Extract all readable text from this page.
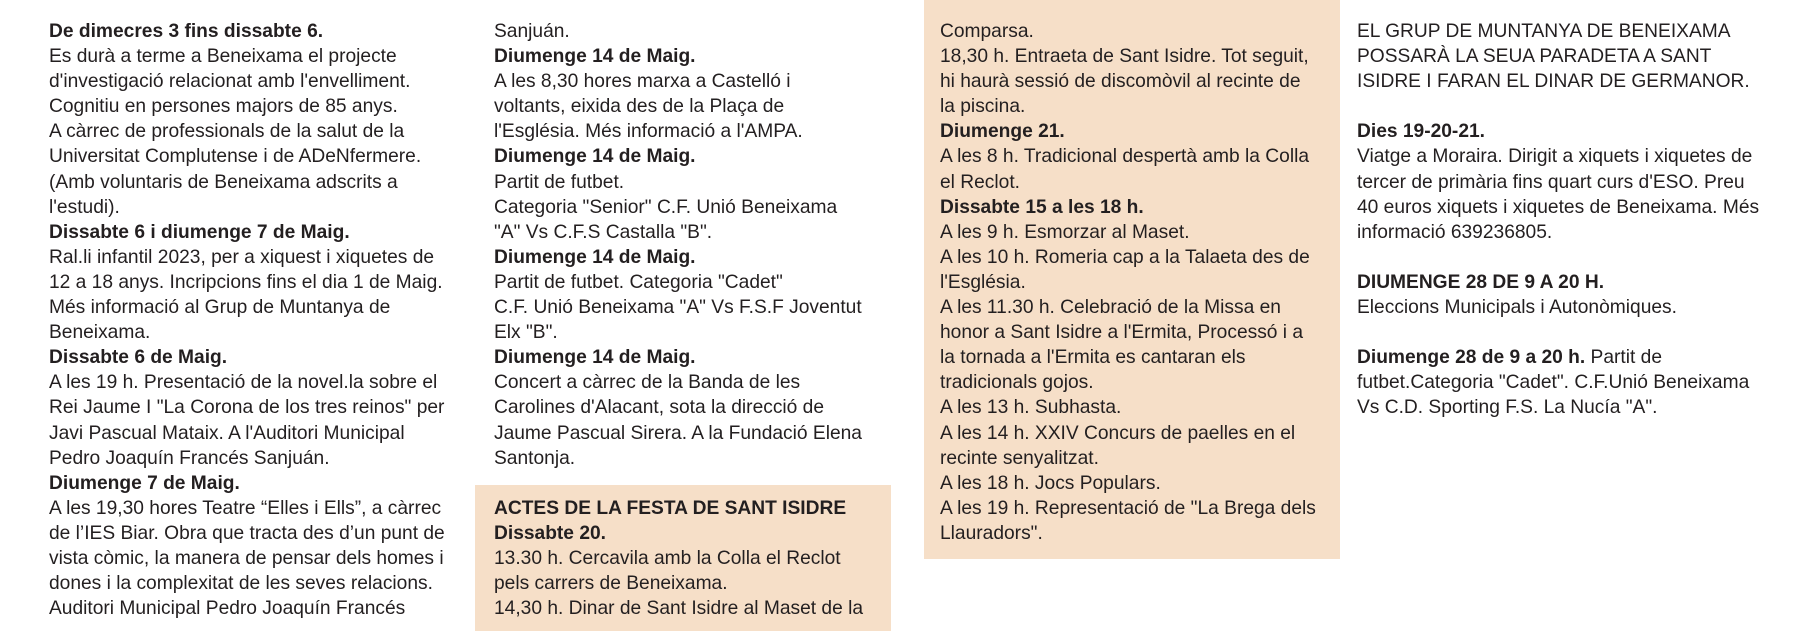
De dimecres 3 fins dissabte 6.

Es durà a terme a Beneixama el projecte

d'investigació relacionat amb l'envelliment.

Cognitiu en persones majors de 85 anys.

A càrrec de professionals de la salut de la

Universitat Complutense i de ADeNfermere.

(Amb voluntaris de Beneixama adscrits a

l'estudi).

Dissabte 6 i diumenge 7 de Maig.

Ral.li infantil 2023, per a xiquest i xiquetes de

12 a 18 anys. Incripcions fins el dia 1 de Maig.

Més informació al Grup de Muntanya de

Beneixama.

Dissabte 6 de Maig.

A les 19 h. Presentació de la novel.la sobre el

Rei Jaume I "La Corona de los tres reinos" per

Javi Pascual Mataix. A l'Auditori Municipal

Pedro Joaquín Francés Sanjuán.

Diumenge 7 de Maig.

A les 19,30 hores Teatre “Elles i Ells”, a càrrec

de l’IES Biar. Obra que tracta des d’un punt de

vista còmic, la manera de pensar dels homes i

dones i la complexitat de les seves relacions.

Auditori Municipal Pedro Joaquín Francés

Sanjuán.

Diumenge 14 de Maig.

A les 8,30 hores marxa a Castelló i

voltants, eixida des de la Plaça de

l'Església. Més informació a l'AMPA.

Diumenge 14 de Maig.

Partit de futbet.

Categoria "Senior" C.F. Unió Beneixama

"A" Vs C.F.S Castalla "B".

Diumenge 14 de Maig.

Partit de futbet. Categoria "Cadet"

C.F. Unió Beneixama "A" Vs F.S.F Joventut

Elx "B".

Diumenge 14 de Maig.

Concert a càrrec de la Banda de les

Carolines d'Alacant, sota la direcció de

Jaume Pascual Sirera. A la Fundació Elena

Santonja.

ACTES DE LA FESTA DE SANT ISIDRE

Dissabte 20.

13.30 h. Cercavila amb la Colla el Reclot

pels carrers de Beneixama.

14,30 h. Dinar de Sant Isidre al Maset de la

Comparsa.

18,30 h. Entraeta de Sant Isidre. Tot seguit,

hi haurà sessió de discomòvil al recinte de

la piscina.

Diumenge 21.

A les 8 h. Tradicional despertà amb la Colla

el Reclot.

Dissabte 15 a les 18 h.

A les 9 h. Esmorzar al Maset.

A les 10 h. Romeria cap a la Talaeta des de

l'Església.

A les 11.30 h. Celebració de la Missa en

honor a Sant Isidre a l'Ermita, Processó i a

la tornada a l'Ermita es cantaran els

tradicionals gojos.

A les 13 h. Subhasta.

A les 14 h. XXIV Concurs de paelles en el

recinte senyalitzat.

A les 18 h. Jocs Populars.

A les 19 h. Representació de "La Brega dels

Llauradors".

EL GRUP DE MUNTANYA DE BENEIXAMA

POSSARÀ LA SEUA PARADETA A SANT

ISIDRE I FARAN EL DINAR DE GERMANOR.

Dies 19-20-21.

Viatge a Moraira. Dirigit a xiquets i xiquetes de

tercer de primària fins quart curs d'ESO. Preu

40 euros xiquets i xiquetes de Beneixama. Més

informació 639236805.

DIUMENGE 28 DE 9 A 20 H.

Eleccions Municipals i Autonòmiques.

Diumenge 28 de 9 a 20 h. Partit de

futbet.Categoria "Cadet". C.F.Unió Beneixama

Vs C.D. Sporting F.S. La Nucía "A".
